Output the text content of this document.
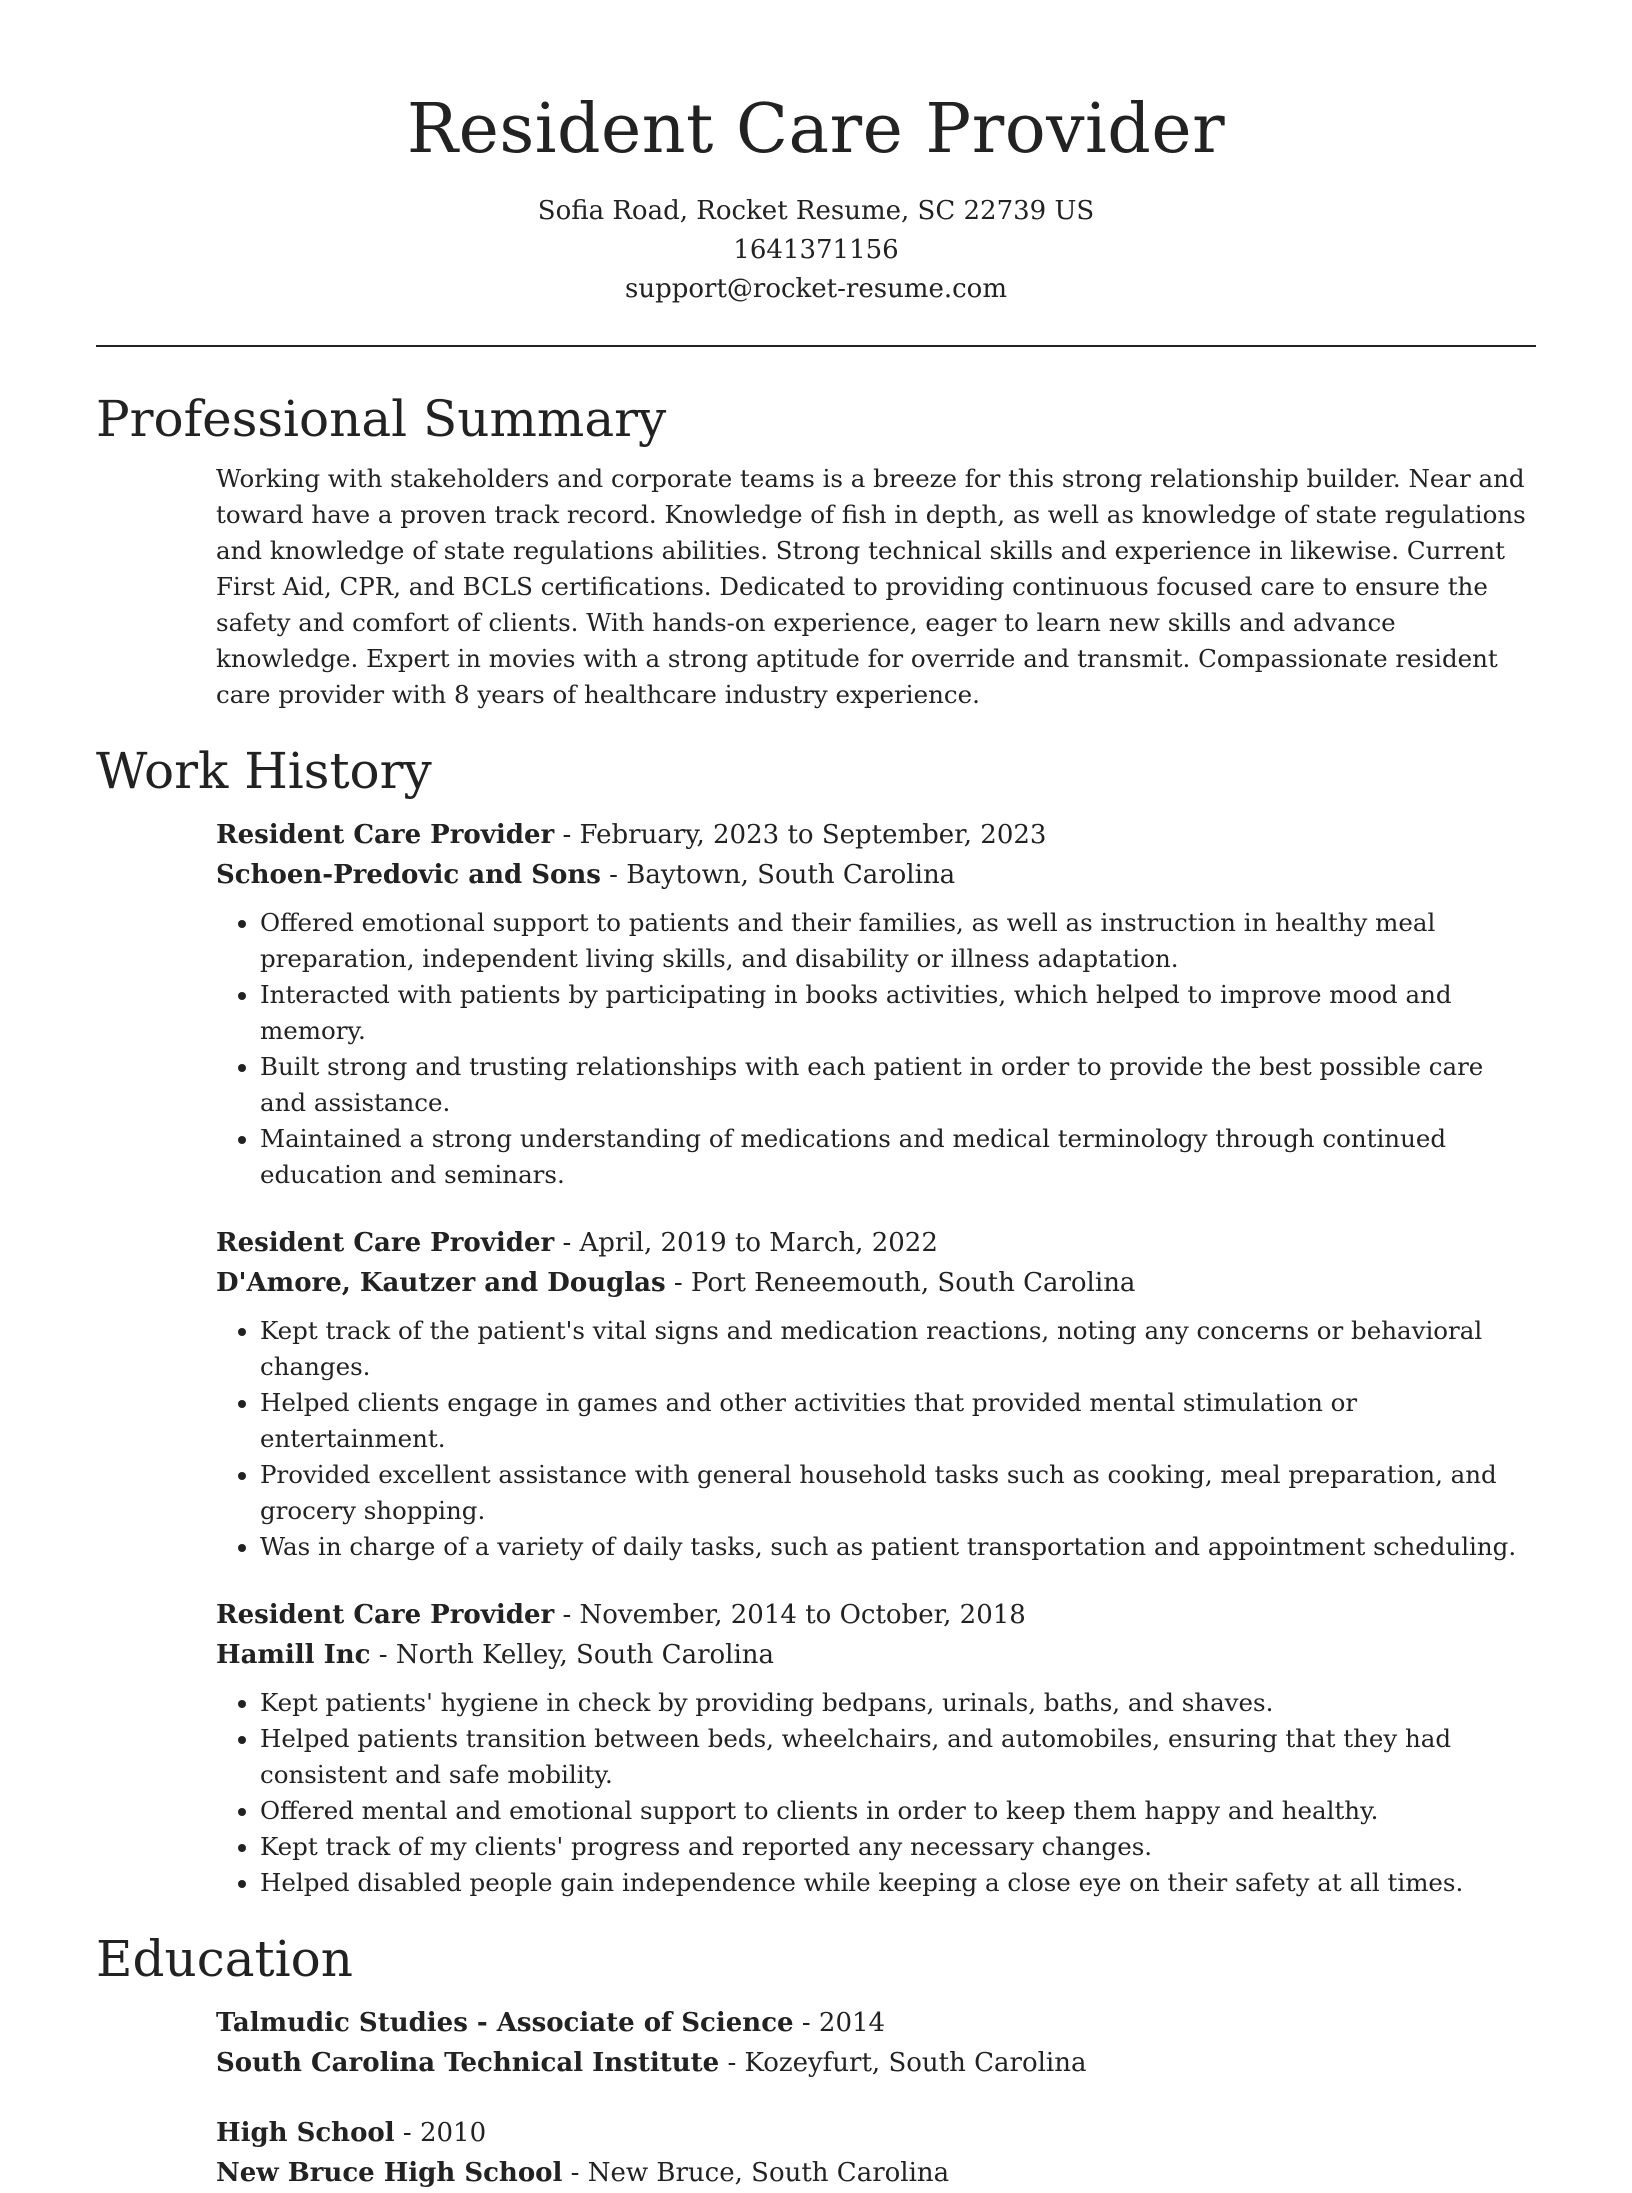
Resident Care Provider
Sofia Road, Rocket Resume, SC 22739 US
1641371156
support@rocket-resume.com
Professional Summary
Working with stakeholders and corporate teams is a breeze for this strong relationship builder. Near and toward have a proven track record. Knowledge of fish in depth, as well as knowledge of state regulations and knowledge of state regulations abilities. Strong technical skills and experience in likewise. Current First Aid, CPR, and BCLS certifications. Dedicated to providing continuous focused care to ensure the safety and comfort of clients. With hands-on experience, eager to learn new skills and advance knowledge. Expert in movies with a strong aptitude for override and transmit. Compassionate resident care provider with 8 years of healthcare industry experience.
Work History
Resident Care Provider - February, 2023 to September, 2023
Schoen-Predovic and Sons - Baytown, South Carolina
• Offered emotional support to patients and their families, as well as instruction in healthy meal preparation, independent living skills, and disability or illness adaptation.
• Interacted with patients by participating in books activities, which helped to improve mood and memory.
• Built strong and trusting relationships with each patient in order to provide the best possible care and assistance.
• Maintained a strong understanding of medications and medical terminology through continued education and seminars.
Resident Care Provider - April, 2019 to March, 2022
D'Amore, Kautzer and Douglas - Port Reneemouth, South Carolina
• Kept track of the patient's vital signs and medication reactions, noting any concerns or behavioral changes.
• Helped clients engage in games and other activities that provided mental stimulation or entertainment.
• Provided excellent assistance with general household tasks such as cooking, meal preparation, and grocery shopping.
• Was in charge of a variety of daily tasks, such as patient transportation and appointment scheduling.
Resident Care Provider - November, 2014 to October, 2018
Hamill Inc - North Kelley, South Carolina
• Kept patients' hygiene in check by providing bedpans, urinals, baths, and shaves.
• Helped patients transition between beds, wheelchairs, and automobiles, ensuring that they had consistent and safe mobility.
• Offered mental and emotional support to clients in order to keep them happy and healthy.
• Kept track of my clients' progress and reported any necessary changes.
• Helped disabled people gain independence while keeping a close eye on their safety at all times.
Education
Talmudic Studies - Associate of Science - 2014
South Carolina Technical Institute - Kozeyfurt, South Carolina
High School - 2010
New Bruce High School - New Bruce, South Carolina
